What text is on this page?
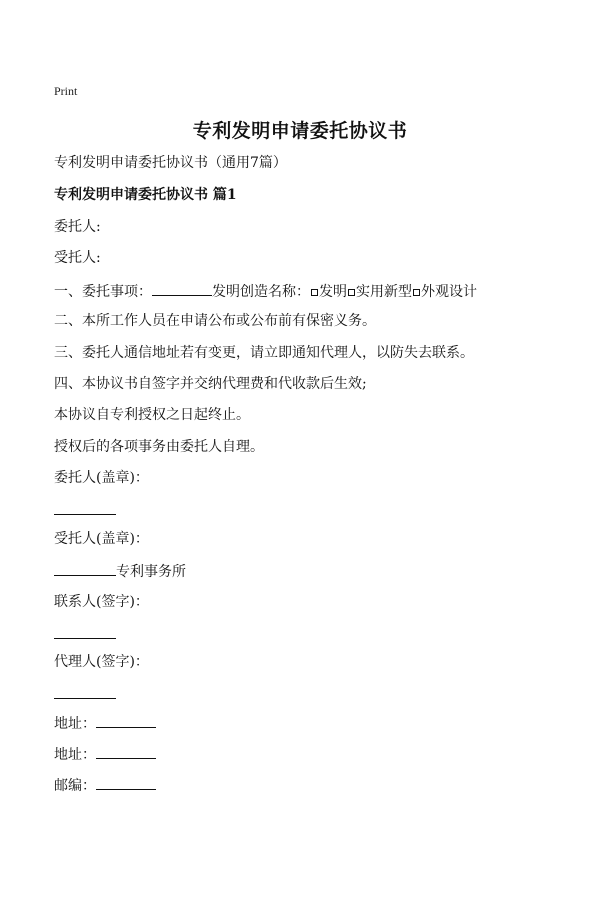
Print
专利发明申请委托协议书
专利发明申请委托协议书（通用7篇）
专利发明申请委托协议书 篇1
委托人:
受托人:
一、委托事项：	发明创造名称： 发明 实用新型 外观设计
二、本所工作人员在申请公布或公布前有保密义务。
三、委托人通信地址若有变更，请立即通知代理人，以防失去联系。
四、本协议书自签字并交纳代理费和代收款后生效;
本协议自专利授权之日起终止。
授权后的各项事务由委托人自理。
委托人(盖章)：
受托人(盖章)：
专利事务所
联系人(签字)：
代理人(签字)：
地址：
地址：
邮编：
